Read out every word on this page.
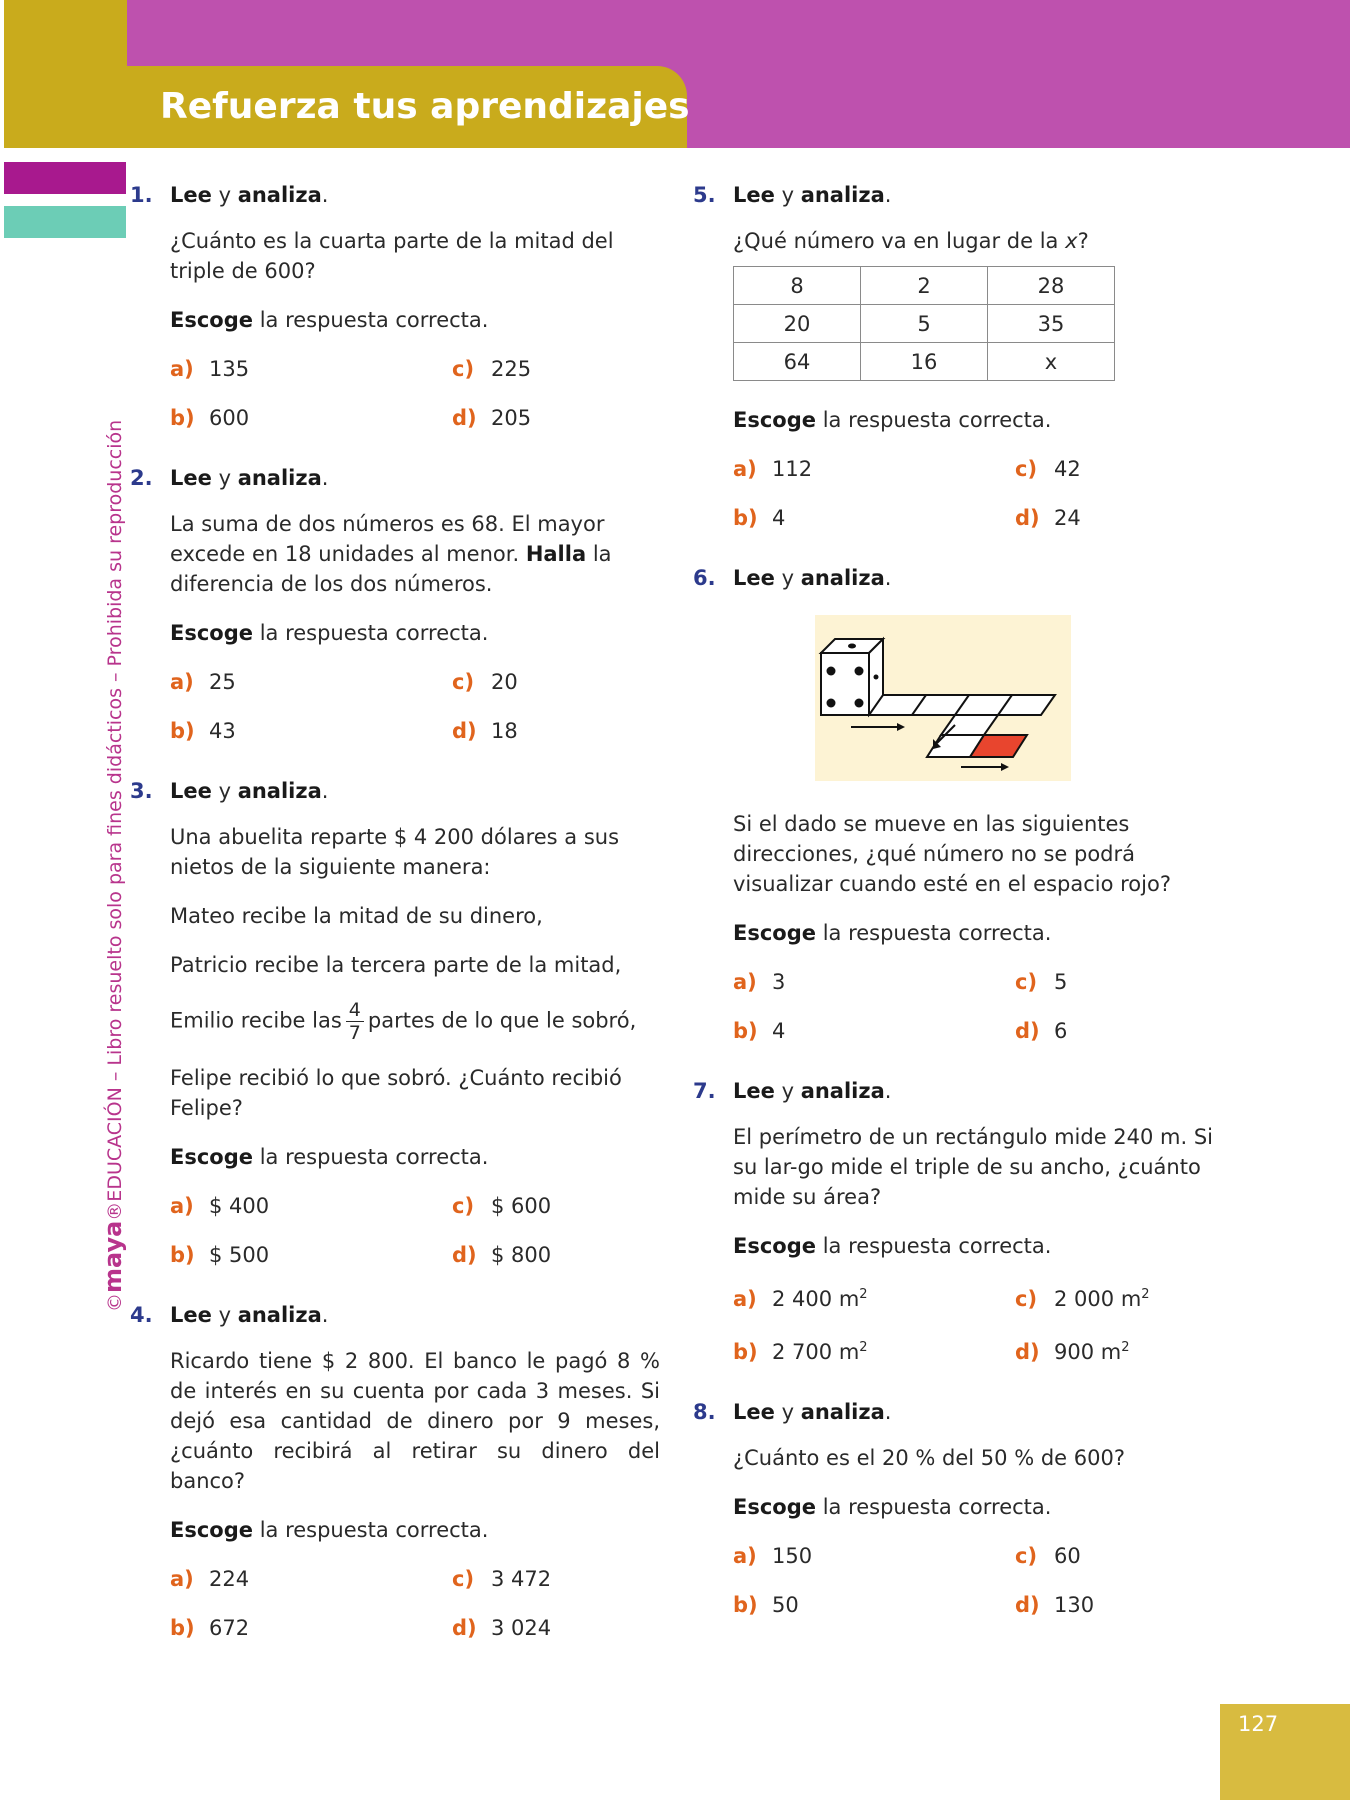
Refuerza tus aprendizajes
©maya®EDUCACIÓN – Libro resuelto solo para fines didácticos – Prohibida su reproducción
1. Lee y analiza.

¿Cuánto es la cuarta parte de la mitad del triple de 600?

Escoge la respuesta correcta.

a) 135	c) 225
b) 600	d) 205
2. Lee y analiza.

La suma de dos números es 68. El mayor excede en 18 unidades al menor. Halla la diferencia de los dos números.

Escoge la respuesta correcta.

a) 25	c) 20
b) 43	d) 18
3. Lee y analiza.

Una abuelita reparte $ 4 200 dólares a sus nietos de la siguiente manera:

Mateo recibe la mitad de su dinero,

Patricio recibe la tercera parte de la mitad,

Emilio recibe las $\frac{4}{7}$ partes de lo que le sobró,

Felipe recibió lo que sobró. ¿Cuánto recibió Felipe?

Escoge la respuesta correcta.

a) $ 400	c) $ 600
b) $ 500	d) $ 800
4. Lee y analiza.

Ricardo tiene $ 2 800. El banco le pagó 8 % de interés en su cuenta por cada 3 meses. Si dejó esa cantidad de dinero por 9 meses, ¿cuánto recibirá al retirar su dinero del banco?

Escoge la respuesta correcta.

a) 224	c) 3 472
b) 672	d) 3 024
5. Lee y analiza.

¿Qué número va en lugar de la x?

8	2	28
20	5	35
64	16	x

Escoge la respuesta correcta.

a) 112	c) 42
b) 4	d) 24
6. Lee y analiza.

Si el dado se mueve en las siguientes direcciones, ¿qué número no se podrá visualizar cuando esté en el espacio rojo?

Escoge la respuesta correcta.

a) 3	c) 5
b) 4	d) 6
7. Lee y analiza.

El perímetro de un rectángulo mide 240 m. Si su lar-go mide el triple de su ancho, ¿cuánto mide su área?

Escoge la respuesta correcta.

a) 2 400 $m^2$	c) 2 000 $m^2$
b) 2 700 $m^2$	d) 900 $m^2$
8. Lee y analiza.

¿Cuánto es el 20 % del 50 % de 600?

Escoge la respuesta correcta.

a) 150	c) 60
b) 50	d) 130
127
